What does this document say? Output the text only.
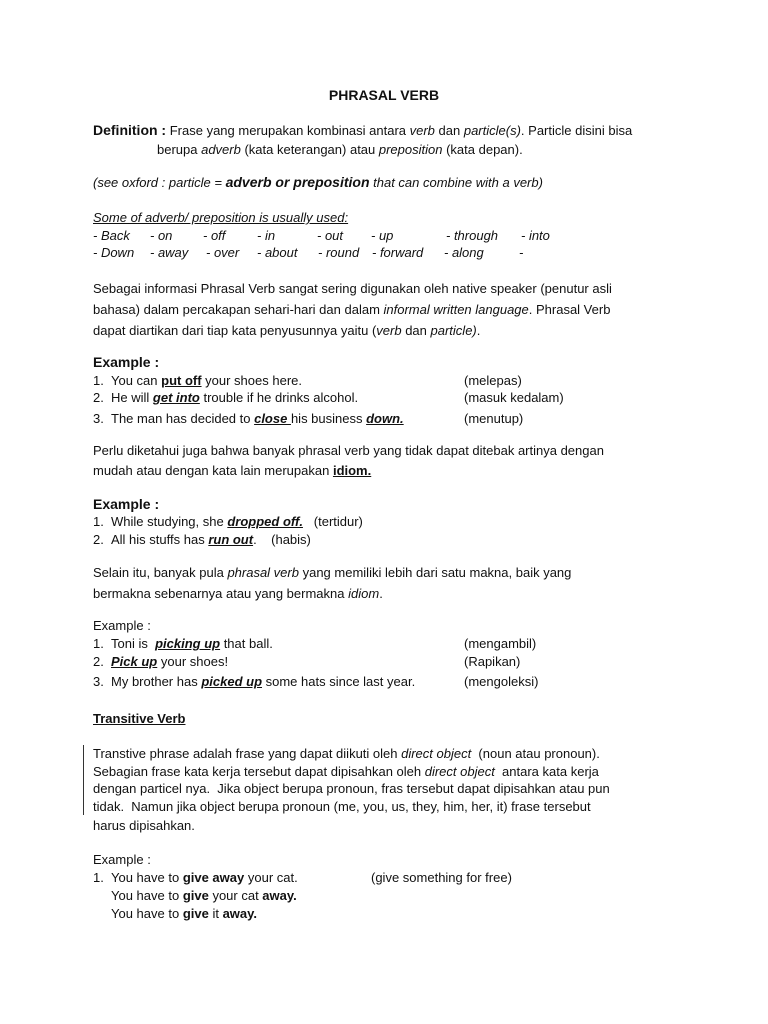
PHRASAL VERB
Definition : Frase yang merupakan kombinasi antara verb dan particle(s). Particle disini bisa
berupa adverb (kata keterangan) atau preposition (kata depan).
(see oxford : particle = adverb or preposition that can combine with a verb)
Some of adverb/ preposition is usually used:
- Back - on - off - in	- out - up	- through - into
- Down - away - over - about - round - forward - along	-
Sebagai informasi Phrasal Verb sangat sering digunakan oleh native speaker (penutur asli
bahasa) dalam percakapan sehari-hari dan dalam informal written language. Phrasal Verb
dapat diartikan dari tiap kata penyusunnya yaitu (verb dan particle).
Example :
1. You can put off your shoes here.	(melepas)
2. He will get into trouble if he drinks alcohol.	(masuk kedalam)
3. The man has decided to close his business down.	(menutup)
Perlu diketahui juga bahwa banyak phrasal verb yang tidak dapat ditebak artinya dengan
mudah atau dengan kata lain merupakan idiom.
Example :
1. While studying, she dropped off.   (tertidur)
2. All his stuffs has run out.    (habis)
Selain itu, banyak pula phrasal verb yang memiliki lebih dari satu makna, baik yang
bermakna sebenarnya atau yang bermakna idiom.
Example :
1. Toni is  picking up that ball.	(mengambil)
2. Pick up your shoes!	(Rapikan)
3. My brother has picked up some hats since last year.	(mengoleksi)
Transitive Verb
Transtive phrase adalah frase yang dapat diikuti oleh direct object  (noun atau pronoun).
Sebagian frase kata kerja tersebut dapat dipisahkan oleh direct object  antara kata kerja
dengan particel nya.  Jika object berupa pronoun, fras tersebut dapat dipisahkan atau pun
tidak.  Namun jika object berupa pronoun (me, you, us, they, him, her, it) frase tersebut
harus dipisahkan.
Example :
1. You have to give away your cat.	(give something for free)
You have to give your cat away.
You have to give it away.
